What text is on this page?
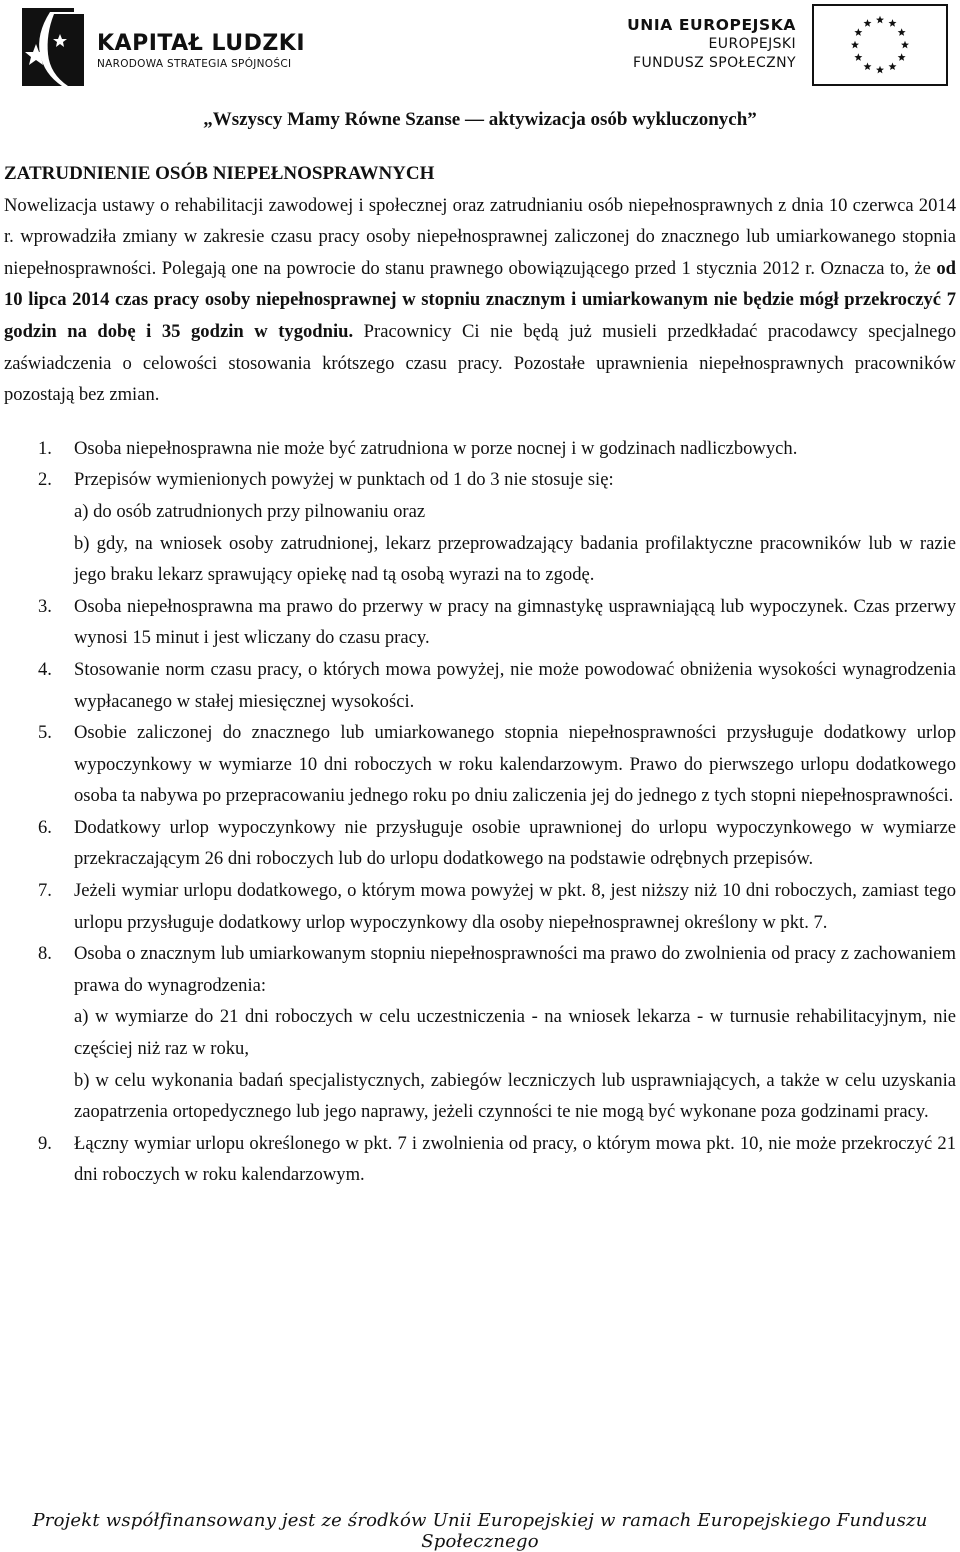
KAPITAŁ LUDZKI
NARODOWA STRATEGIA SPÓJNOŚCI
UNIA EUROPEJSKA
EUROPEJSKI
FUNDUSZ SPOŁECZNY
„Wszyscy Mamy Równe Szanse — aktywizacja osób wykluczonych”
ZATRUDNIENIE OSÓB NIEPEŁNOSPRAWNYCH

Nowelizacja ustawy o rehabilitacji zawodowej i społecznej oraz zatrudnianiu osób niepełnosprawnych z dnia 10 czerwca 2014 r. wprowadziła zmiany w zakresie czasu pracy osoby niepełnosprawnej zaliczonej do znacznego lub umiarkowanego stopnia niepełnosprawności. Polegają one na powrocie do stanu prawnego obowiązującego przed 1 stycznia 2012 r. Oznacza to, że od 10 lipca 2014 czas pracy osoby niepełnosprawnej w stopniu znacznym i umiarkowanym nie będzie mógł przekroczyć 7 godzin na dobę i 35 godzin w tygodniu. Pracownicy Ci nie będą już musieli przedkładać pracodawcy specjalnego zaświadczenia o celowości stosowania krótszego czasu pracy. Pozostałe uprawnienia niepełnosprawnych pracowników pozostają bez zmian.

1. Osoba niepełnosprawna nie może być zatrudniona w porze nocnej i w godzinach nadliczbowych.
2. Przepisów wymienionych powyżej w punktach od 1 do 3 nie stosuje się:
a) do osób zatrudnionych przy pilnowaniu oraz
b) gdy, na wniosek osoby zatrudnionej, lekarz przeprowadzający badania profilaktyczne pracowników lub w razie jego braku lekarz sprawujący opiekę nad tą osobą wyrazi na to zgodę.
3. Osoba niepełnosprawna ma prawo do przerwy w pracy na gimnastykę usprawniającą lub wypoczynek. Czas przerwy wynosi 15 minut i jest wliczany do czasu pracy.
4. Stosowanie norm czasu pracy, o których mowa powyżej, nie może powodować obniżenia wysokości wynagrodzenia wypłacanego w stałej miesięcznej wysokości.
5. Osobie zaliczonej do znacznego lub umiarkowanego stopnia niepełnosprawności przysługuje dodatkowy urlop wypoczynkowy w wymiarze 10 dni roboczych w roku kalendarzowym. Prawo do pierwszego urlopu dodatkowego osoba ta nabywa po przepracowaniu jednego roku po dniu zaliczenia jej do jednego z tych stopni niepełnosprawności.
6. Dodatkowy urlop wypoczynkowy nie przysługuje osobie uprawnionej do urlopu wypoczynkowego w wymiarze przekraczającym 26 dni roboczych lub do urlopu dodatkowego na podstawie odrębnych przepisów.
7. Jeżeli wymiar urlopu dodatkowego, o którym mowa powyżej w pkt. 8, jest niższy niż 10 dni roboczych, zamiast tego urlopu przysługuje dodatkowy urlop wypoczynkowy dla osoby niepełnosprawnej określony w pkt. 7.
8. Osoba o znacznym lub umiarkowanym stopniu niepełnosprawności ma prawo do zwolnienia od pracy z zachowaniem prawa do wynagrodzenia:
a) w wymiarze do 21 dni roboczych w celu uczestniczenia - na wniosek lekarza - w turnusie rehabilitacyjnym, nie częściej niż raz w roku,
b) w celu wykonania badań specjalistycznych, zabiegów leczniczych lub usprawniających, a także w celu uzyskania zaopatrzenia ortopedycznego lub jego naprawy, jeżeli czynności te nie mogą być wykonane poza godzinami pracy.
9. Łączny wymiar urlopu określonego w pkt. 7 i zwolnienia od pracy, o którym mowa pkt. 10, nie może przekroczyć 21 dni roboczych w roku kalendarzowym.
Projekt współfinansowany jest ze środków Unii Europejskiej w ramach Europejskiego Funduszu Społecznego
